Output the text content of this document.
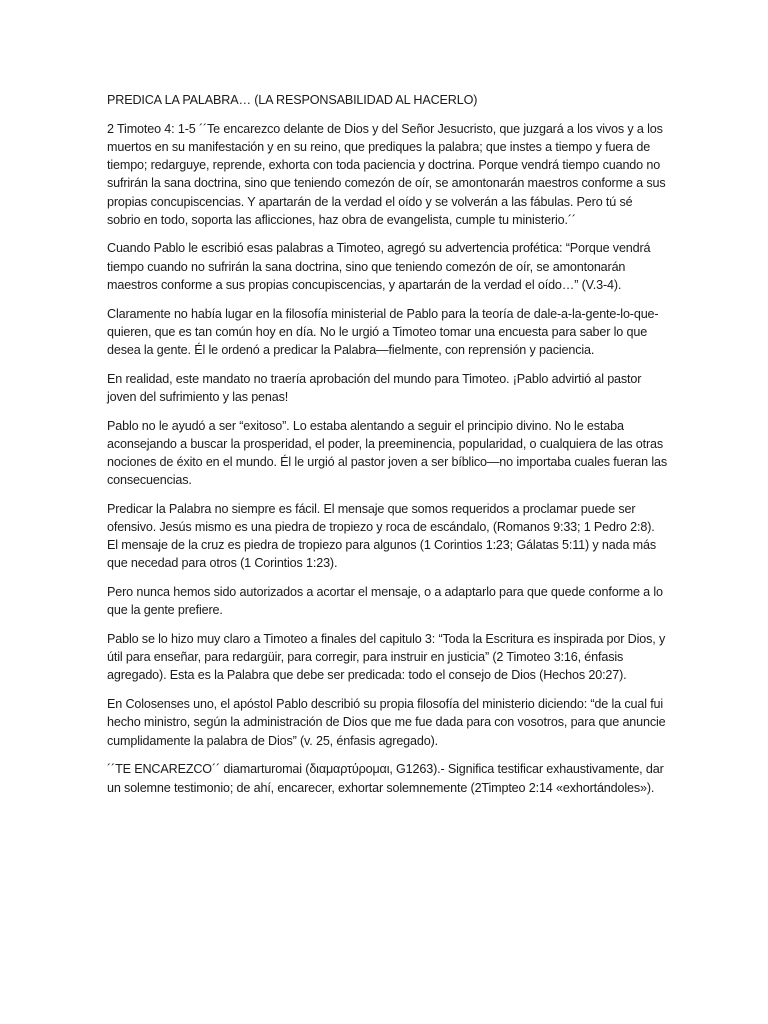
PREDICA LA PALABRA… (LA RESPONSABILIDAD AL HACERLO)

2 Timoteo 4: 1-5 ´´Te encarezco delante de Dios y del Señor Jesucristo, que juzgará a los vivos y a los muertos en su manifestación y en su reino, que prediques la palabra; que instes a tiempo y fuera de tiempo; redarguye, reprende, exhorta con toda paciencia y doctrina. Porque vendrá tiempo cuando no sufrirán la sana doctrina, sino que teniendo comezón de oír, se amontonarán maestros conforme a sus propias concupiscencias. Y apartarán de la verdad el oído y se volverán a las fábulas. Pero tú sé sobrio en todo, soporta las aflicciones, haz obra de evangelista, cumple tu ministerio.´´

Cuando Pablo le escribió esas palabras a Timoteo, agregó su advertencia profética: “Porque vendrá tiempo cuando no sufrirán la sana doctrina, sino que teniendo comezón de oír, se amontonarán maestros conforme a sus propias concupiscencias, y apartarán de la verdad el oído…” (V.3-4).

Claramente no había lugar en la filosofía ministerial de Pablo para la teoría de dale-a-la-gente-lo-que-quieren, que es tan común hoy en día. No le urgió a Timoteo tomar una encuesta para saber lo que desea la gente. Él le ordenó a predicar la Palabra—fielmente, con reprensión y paciencia.

En realidad, este mandato no traería aprobación del mundo para Timoteo. ¡Pablo advirtió al pastor joven del sufrimiento y las penas!

Pablo no le ayudó a ser “exitoso”. Lo estaba alentando a seguir el principio divino. No le estaba aconsejando a buscar la prosperidad, el poder, la preeminencia, popularidad, o cualquiera de las otras nociones de éxito en el mundo. Él le urgió al pastor joven a ser bíblico—no importaba cuales fueran las consecuencias.

Predicar la Palabra no siempre es fácil. El mensaje que somos requeridos a proclamar puede ser ofensivo. Jesús mismo es una piedra de tropiezo y roca de escándalo, (Romanos 9:33; 1 Pedro 2:8). El mensaje de la cruz es piedra de tropiezo para algunos (1 Corintios 1:23; Gálatas 5:11) y nada más que necedad para otros (1 Corintios 1:23).

Pero nunca hemos sido autorizados a acortar el mensaje, o a adaptarlo para que quede conforme a lo que la gente prefiere.

Pablo se lo hizo muy claro a Timoteo a finales del capitulo 3: “Toda la Escritura es inspirada por Dios, y útil para enseñar, para redargüir, para corregir, para instruir en justicia” (2 Timoteo 3:16, énfasis agregado). Esta es la Palabra que debe ser predicada: todo el consejo de Dios (Hechos 20:27).

En Colosenses uno, el apóstol Pablo describió su propia filosofía del ministerio diciendo: “de la cual fui hecho ministro, según la administración de Dios que me fue dada para con vosotros, para que anuncie cumplidamente la palabra de Dios” (v. 25, énfasis agregado).

´´TE ENCAREZCO´´ diamarturomai (διαμαρτύρομαι, G1263).- Significa testificar exhaustivamente, dar un solemne testimonio; de ahí, encarecer, exhortar solemnemente (2Timpteo 2:14 «exhortándoles»).
